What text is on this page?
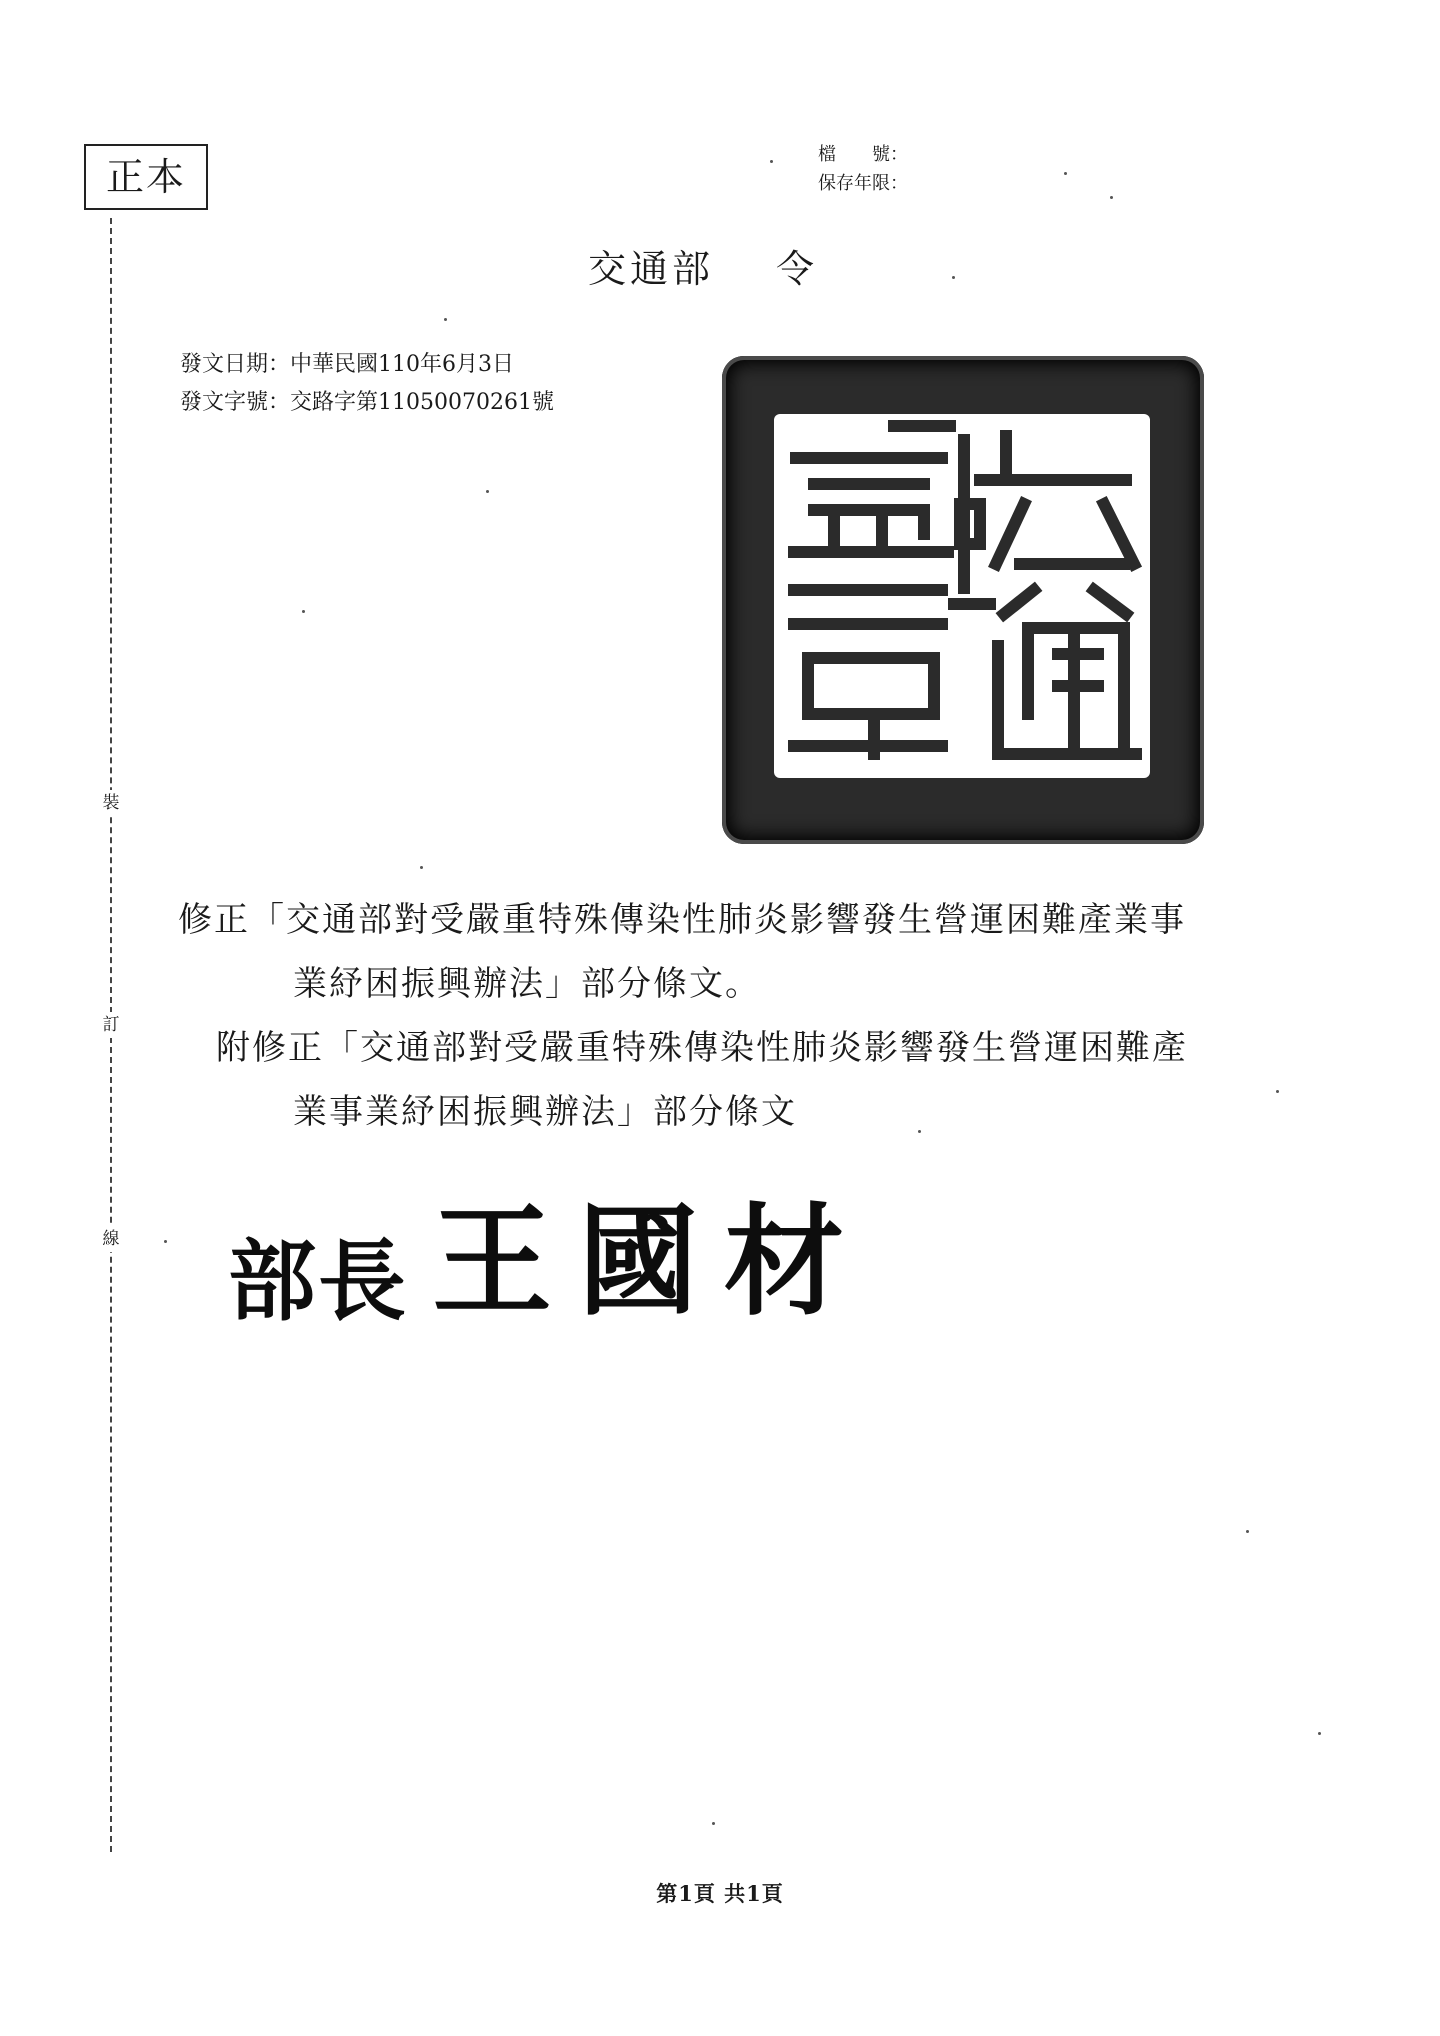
正本
裝
訂
線
檔　　號：
保存年限：
交通部 令
發文日期：中華民國110年6月3日
發文字號：交路字第11050070261號
修正「交通部對受嚴重特殊傳染性肺炎影響發生營運困難產業事
業紓困振興辦法」部分條文。
附修正「交通部對受嚴重特殊傳染性肺炎影響發生營運困難產
業事業紓困振興辦法」部分條文
部長 王國材
第1頁 共1頁
